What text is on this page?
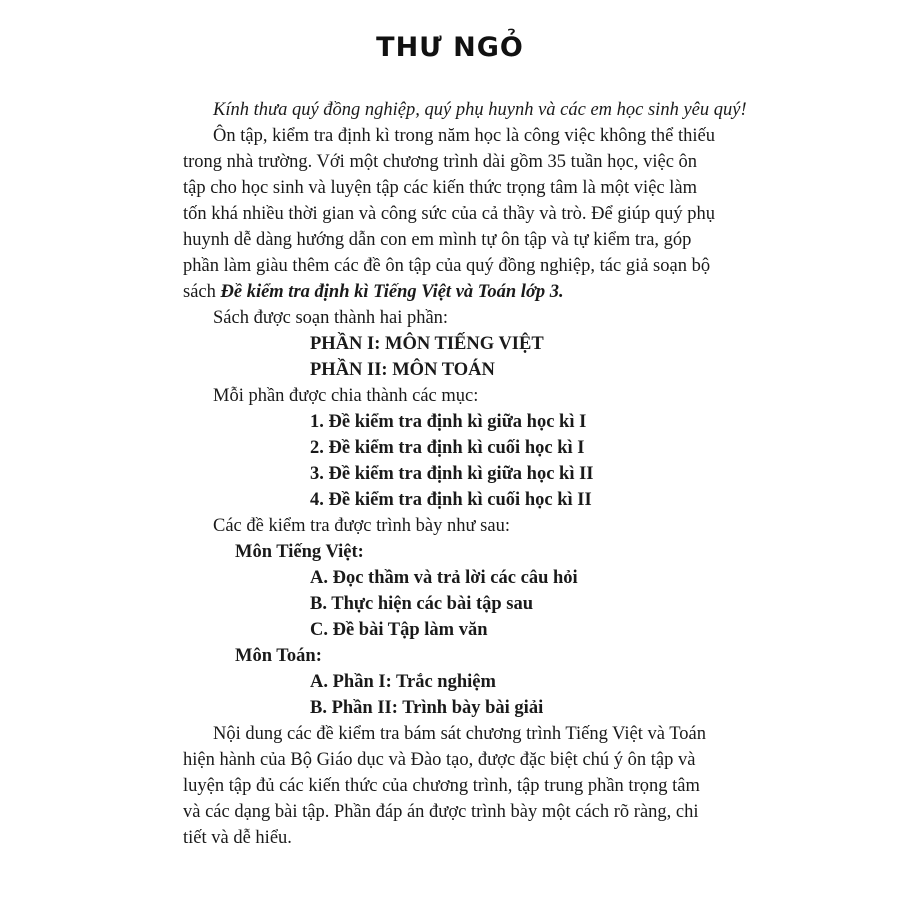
THƯ NGỎ
Kính thưa quý đồng nghiệp, quý phụ huynh và các em học sinh yêu quý!
Ôn tập, kiểm tra định kì trong năm học là công việc không thể thiếu
trong nhà trường. Với một chương trình dài gồm 35 tuần học, việc ôn
tập cho học sinh và luyện tập các kiến thức trọng tâm là một việc làm
tốn khá nhiều thời gian và công sức của cả thầy và trò. Để giúp quý phụ
huynh dễ dàng hướng dẫn con em mình tự ôn tập và tự kiểm tra, góp
phần làm giàu thêm các đề ôn tập của quý đồng nghiệp, tác giả soạn bộ
sách Đề kiểm tra định kì Tiếng Việt và Toán lớp 3.
Sách được soạn thành hai phần:
PHẦN I: MÔN TIẾNG VIỆT
PHẦN II: MÔN TOÁN
Mỗi phần được chia thành các mục:
1. Đề kiểm tra định kì giữa học kì I
2. Đề kiểm tra định kì cuối học kì I
3. Đề kiểm tra định kì giữa học kì II
4. Đề kiểm tra định kì cuối học kì II
Các đề kiểm tra được trình bày như sau:
Môn Tiếng Việt:
A. Đọc thầm và trả lời các câu hỏi
B. Thực hiện các bài tập sau
C. Đề bài Tập làm văn
Môn Toán:
A. Phần I: Trắc nghiệm
B. Phần II: Trình bày bài giải
Nội dung các đề kiểm tra bám sát chương trình Tiếng Việt và Toán
hiện hành của Bộ Giáo dục và Đào tạo, được đặc biệt chú ý ôn tập và
luyện tập đủ các kiến thức của chương trình, tập trung phần trọng tâm
và các dạng bài tập. Phần đáp án được trình bày một cách rõ ràng, chi
tiết và dễ hiểu.
